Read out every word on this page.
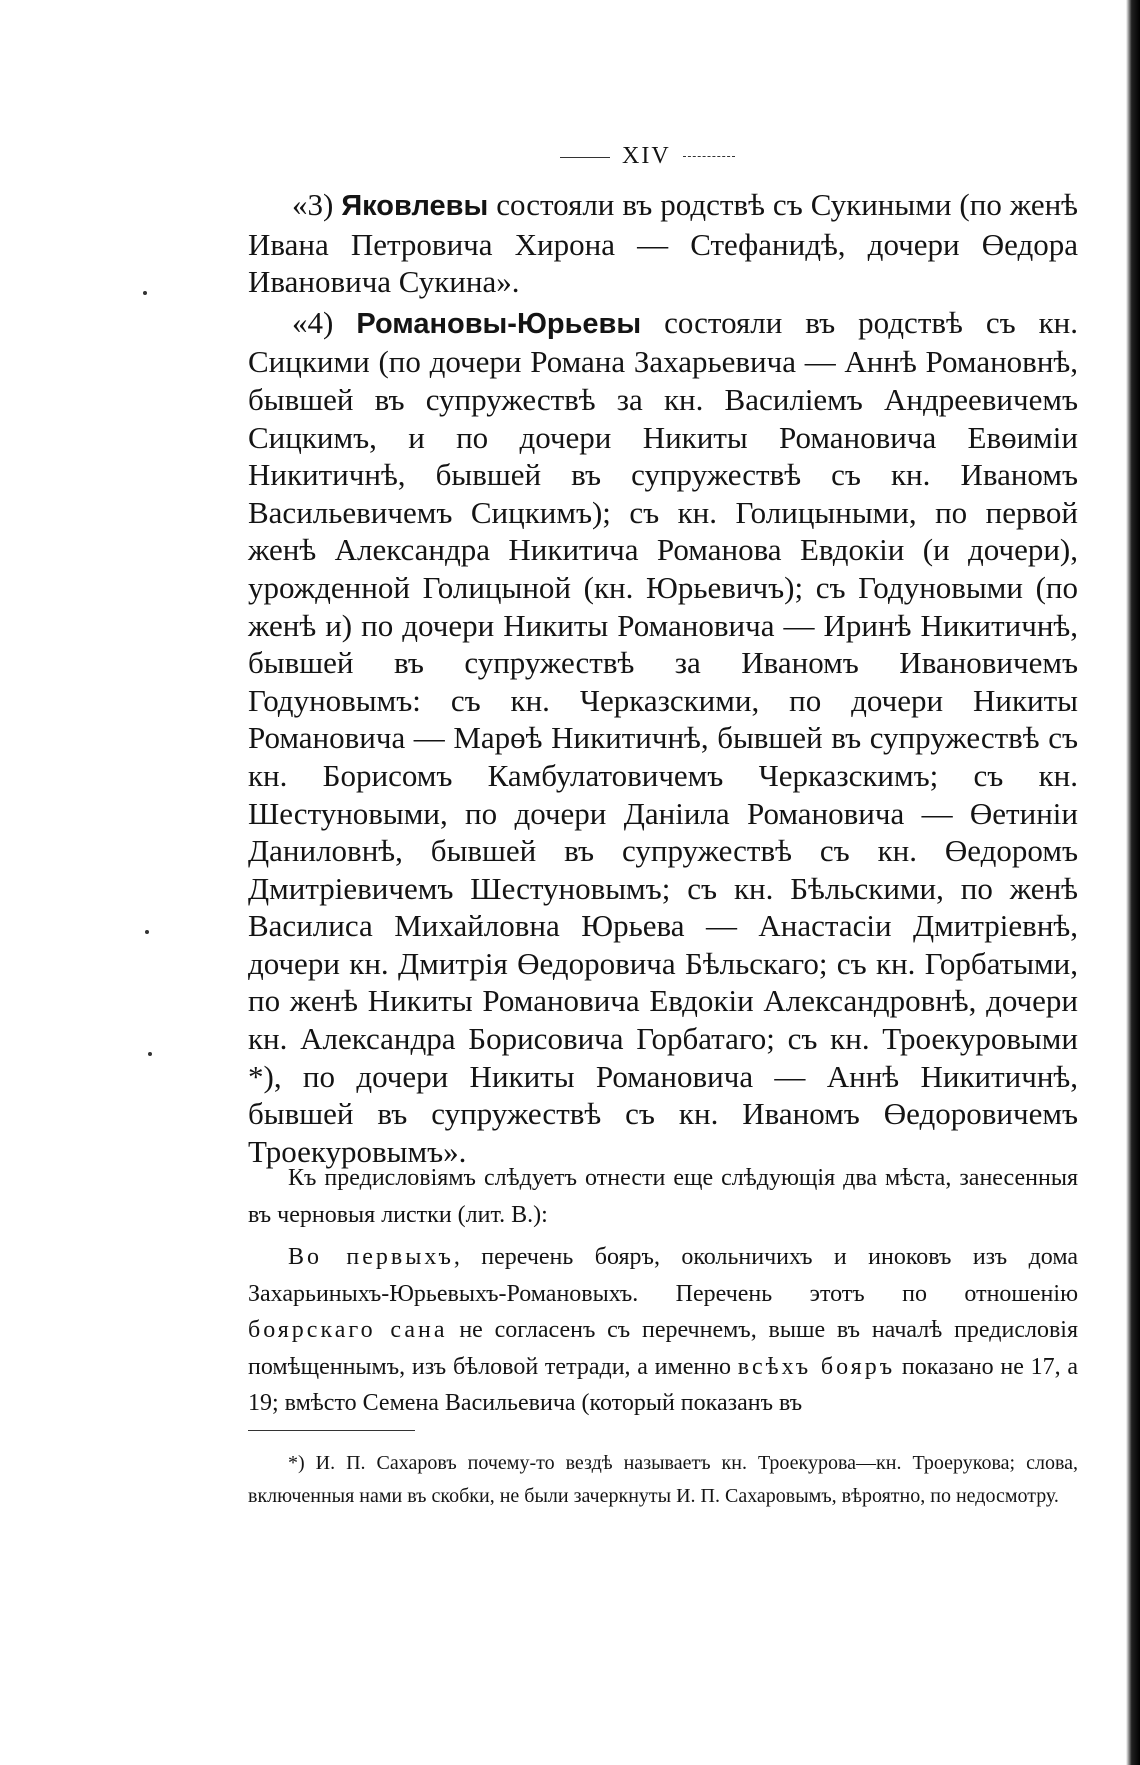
XIV

«3) Яковлевы состояли въ родствѣ съ Сукиными (по женѣ Ивана Петровича Хирона — Стефанидѣ, дочери Өедора Ивановича Сукина».

«4) Романовы-Юрьевы состояли въ родствѣ съ кн. Сицкими (по дочери Романа Захарьевича — Аннѣ Романовнѣ, бывшей въ супружествѣ за кн. Василіемъ Андреевичемъ Сицкимъ, и по дочери Никиты Романовича Евөиміи Никитичнѣ, бывшей въ супружествѣ съ кн. Иваномъ Васильевичемъ Сицкимъ); съ кн. Голицыными, по первой женѣ Александра Никитича Романова Евдокіи (и дочери), урожденной Голицыной (кн. Юрьевичъ); съ Годуновыми (по женѣ и) по дочери Никиты Романовича — Иринѣ Никитичнѣ, бывшей въ супружествѣ за Иваномъ Ивановичемъ Годуновымъ: съ кн. Черказскими, по дочери Никиты Романовича — Марөѣ Никитичнѣ, бывшей въ супружествѣ съ кн. Борисомъ Камбулатовичемъ Черказскимъ; съ кн. Шестуновыми, по дочери Даніила Романовича — Өетиніи Даниловнѣ, бывшей въ супружествѣ съ кн. Өедоромъ Дмитріевичемъ Шестуновымъ; съ кн. Бѣльскими, по женѣ Василиса Михайловна Юрьева — Анастасіи Дмитріевнѣ, дочери кн. Дмитрія Өедоровича Бѣльскаго; съ кн. Горбатыми, по женѣ Никиты Романовича Евдокіи Александровнѣ, дочери кн. Александра Борисовича Горбатаго; съ кн. Троекуровыми *), по дочери Никиты Романовича — Аннѣ Никитичнѣ, бывшей въ супружествѣ съ кн. Иваномъ Өедоровичемъ Троекуровымъ».

Къ предисловіямъ слѣдуетъ отнести еще слѣдующія два мѣста, занесенныя въ черновыя листки (лит. В.):

Во первыхъ, перечень бояръ, окольничихъ и иноковъ изъ дома Захарьиныхъ-Юрьевыхъ-Романовыхъ. Перечень этотъ по отношенію боярскаго сана не согласенъ съ перечнемъ, выше въ началѣ предисловія помѣщеннымъ, изъ бѣловой тетради, а именно всѣхъ бояръ показано не 17, а 19; вмѣсто Семена Васильевича (который показанъ въ

*) И. П. Сахаровъ почему-то вездѣ называетъ кн. Троекурова—кн. Троерукова; слова, включенныя нами въ скобки, не были зачеркнуты И. П. Сахаровымъ, вѣроятно, по недосмотру.
